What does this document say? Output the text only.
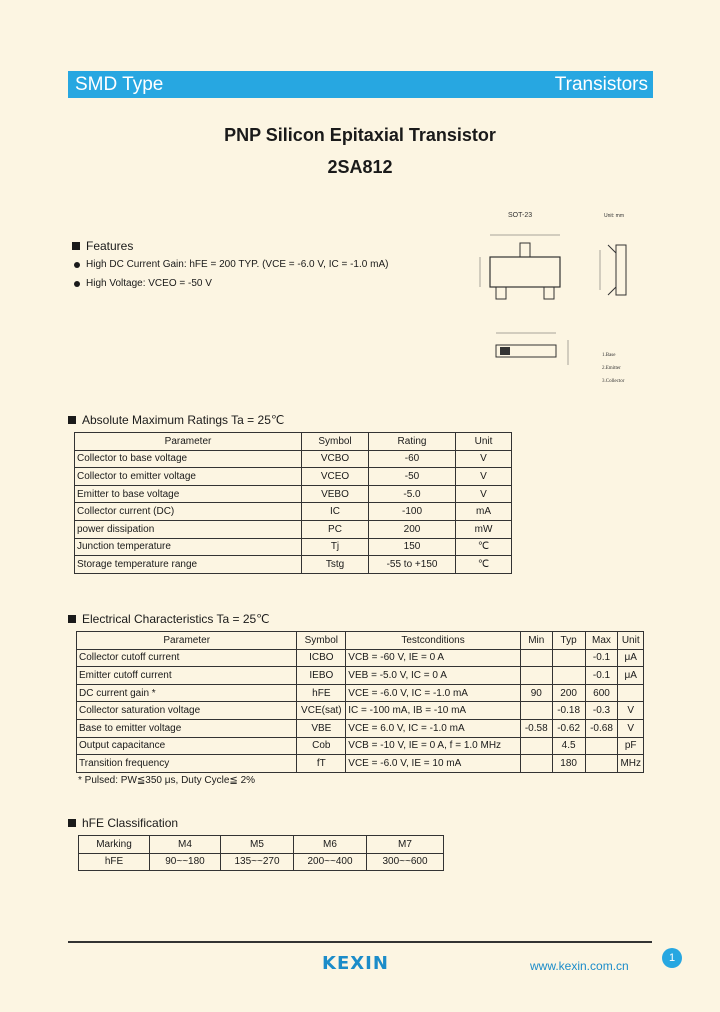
SMD Type	Transistors
PNP Silicon Epitaxial Transistor
2SA812
Features
High DC Current Gain: hFE = 200 TYP. (VCE = -6.0 V, IC = -1.0 mA)
High Voltage: VCEO = -50 V
SOT-23	Unit: mm
1.Base
2.Emitter
3.Collector
Absolute Maximum Ratings Ta = 25℃
Parameter	Symbol	Rating	Unit
Collector to base voltage	VCBO	-60	V
Collector to emitter voltage	VCEO	-50	V
Emitter to base voltage	VEBO	-5.0	V
Collector current (DC)	IC	-100	mA
power dissipation	PC	200	mW
Junction temperature	Tj	150	℃
Storage temperature range	Tstg	-55 to +150	℃
Electrical Characteristics Ta = 25℃
Parameter	Symbol	Testconditions	Min	Typ	Max	Unit
Collector cutoff current	ICBO	VCB = -60 V, IE = 0 A			-0.1	μA
Emitter cutoff current	IEBO	VEB = -5.0 V, IC = 0 A			-0.1	μA
DC current gain *	hFE	VCE = -6.0 V, IC = -1.0 mA	90	200	600	
Collector saturation voltage	VCE(sat)	IC = -100 mA, IB = -10 mA		-0.18	-0.3	V
Base to emitter voltage	VBE	VCE = 6.0 V, IC = -1.0 mA	-0.58	-0.62	-0.68	V
Output capacitance	Cob	VCB = -10 V, IE = 0 A, f = 1.0 MHz		4.5		pF
Transition frequency	fT	VCE = -6.0 V, IE = 10 mA		180		MHz
* Pulsed: PW≦350 μs, Duty Cycle≦ 2%
hFE Classification
Marking	M4	M5	M6	M7
hFE	90~~180	135~~270	200~~400	300~~600
KEXIN	www.kexin.com.cn
1
